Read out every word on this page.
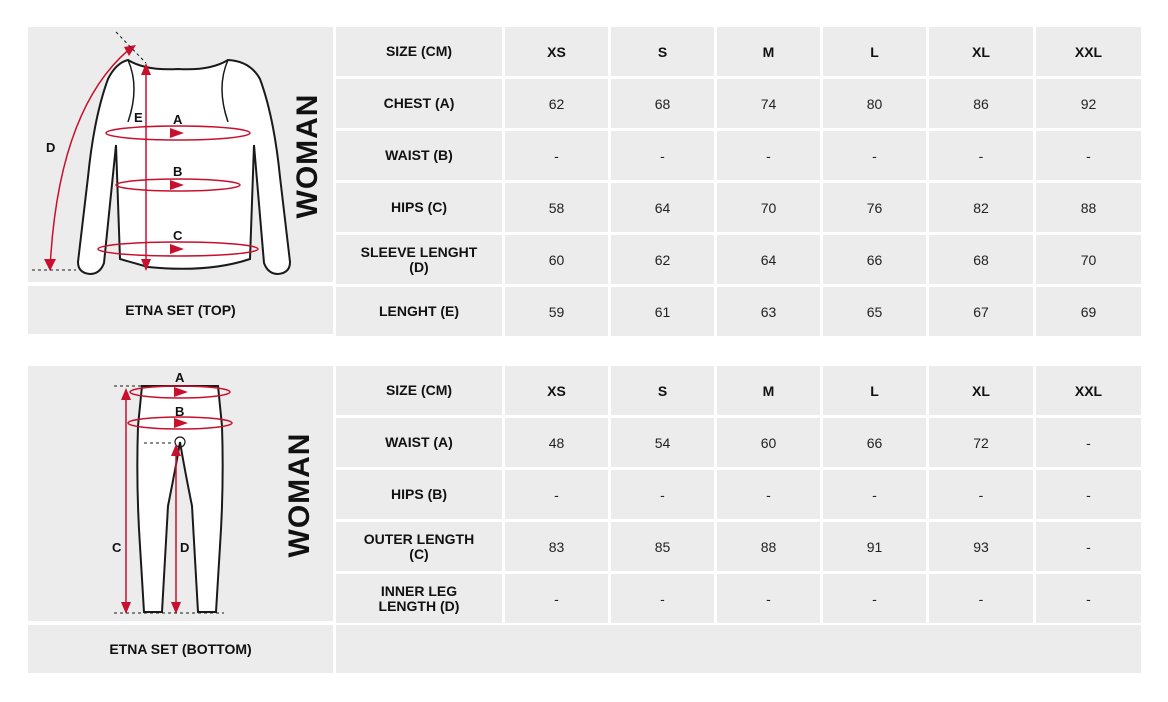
A
B
C
D
E	WOMAN
ETNA SET (TOP)
SIZE (CM)	XS	S	M	L	XL	XXL
CHEST (A)	62	68	74	80	86	92
WAIST (B)	-	-	-	-	-	-
HIPS (C)	58	64	70	76	82	88
SLEEVE LENGHT (D)	60	62	64	66	68	70
LENGHT (E)	59	61	63	65	67	69
A
B
C	D	WOMAN
ETNA SET (BOTTOM)
SIZE (CM)	XS	S	M	L	XL	XXL
WAIST (A)	48	54	60	66	72	-
HIPS (B)	-	-	-	-	-	-
OUTER LENGTH (C)	83	85	88	91	93	-
INNER LEG LENGTH (D)	-	-	-	-	-	-
